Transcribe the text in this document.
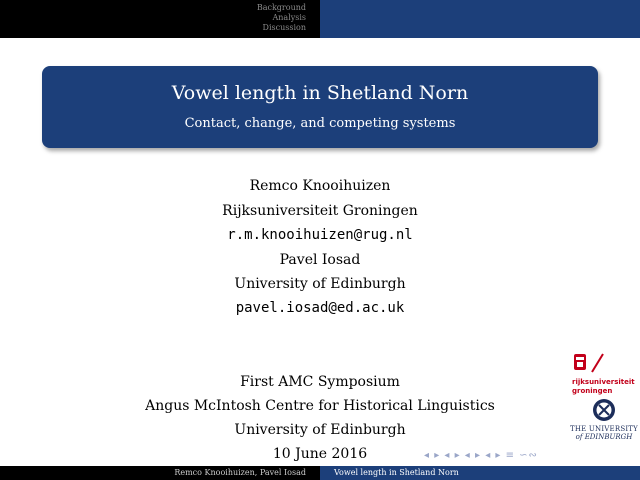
Background
Analysis
Discussion
Vowel length in Shetland Norn
Contact, change, and competing systems
Remco Knooihuizen
Rijksuniversiteit Groningen
r.m.knooihuizen@rug.nl
Pavel Iosad
University of Edinburgh
pavel.iosad@ed.ac.uk
First AMC Symposium
Angus McIntosh Centre for Historical Linguistics
University of Edinburgh
10 June 2016
rijksuniversiteit
groningen
THE UNIVERSITY
of EDINBURGH
◂ ▸ ◂ ▸ ◂ ▸ ◂ ▸ ≡ ∽∾
Remco Knooihuizen, Pavel Iosad	Vowel length in Shetland Norn
